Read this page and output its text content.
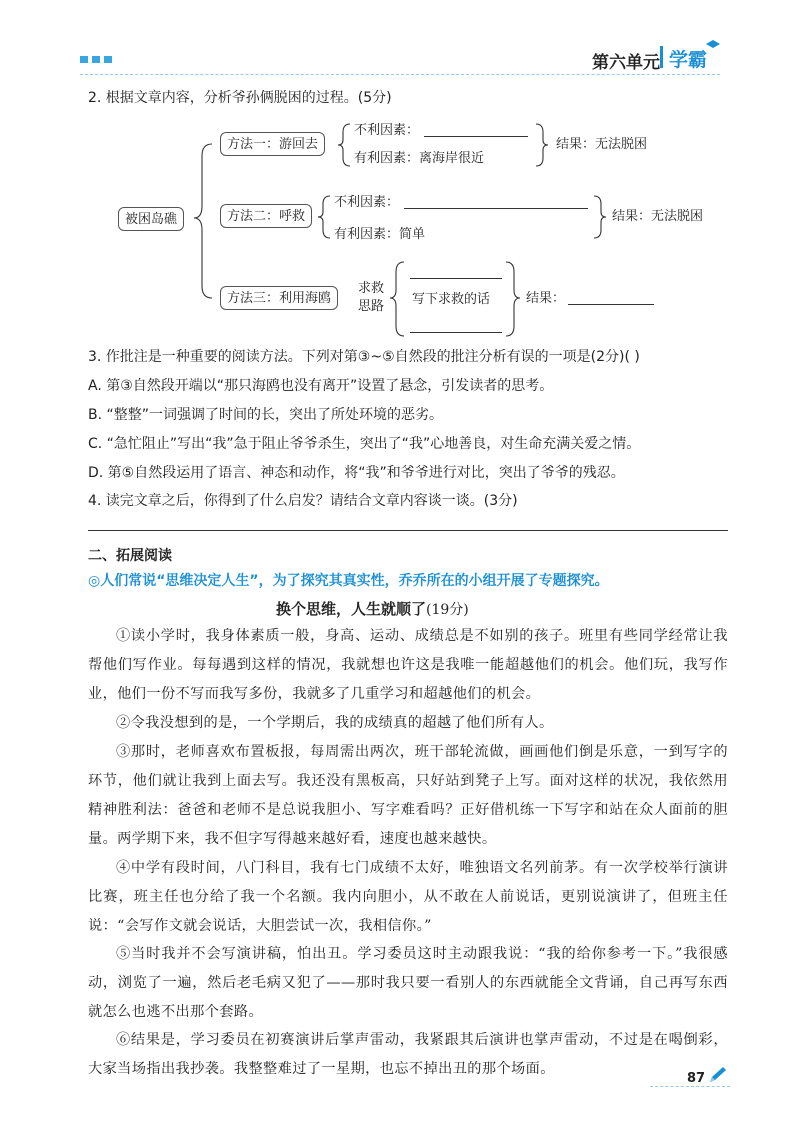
第六单元 学霸
2. 根据文章内容，分析爷孙俩脱困的过程。(5分)
被困岛礁
方法一：游回去
不利因素：
有利因素：离海岸很近
结果：无法脱困
方法二：呼救
不利因素：
有利因素：简单
结果：无法脱困
方法三：利用海鸥
求救
思路 写下求救的话	结果：
3. 作批注是一种重要的阅读方法。下列对第③~⑤自然段的批注分析有误的一项是(2分)( )
A. 第③自然段开端以“那只海鸥也没有离开”设置了悬念，引发读者的思考。
B. “整整”一词强调了时间的长，突出了所处环境的恶劣。
C. “急忙阻止”写出“我”急于阻止爷爷杀生，突出了“我”心地善良，对生命充满关爱之情。
D. 第⑤自然段运用了语言、神态和动作，将“我”和爷爷进行对比，突出了爷爷的残忍。
4. 读完文章之后，你得到了什么启发？请结合文章内容谈一谈。(3分)
二、拓展阅读
◎人们常说“思维决定人生”，为了探究其真实性，乔乔所在的小组开展了专题探究。
换个思维，人生就顺了(19分)
①读小学时，我身体素质一般，身高、运动、成绩总是不如别的孩子。班里有些同学经常让我帮他们写作业。每每遇到这样的情况，我就想也许这是我唯一能超越他们的机会。他们玩，我写作业，他们一份不写而我写多份，我就多了几重学习和超越他们的机会。
②令我没想到的是，一个学期后，我的成绩真的超越了他们所有人。
③那时，老师喜欢布置板报，每周需出两次，班干部轮流做，画画他们倒是乐意，一到写字的环节，他们就让我到上面去写。我还没有黑板高，只好站到凳子上写。面对这样的状况，我依然用精神胜利法：爸爸和老师不是总说我胆小、写字难看吗？正好借机练一下写字和站在众人面前的胆量。两学期下来，我不但字写得越来越好看，速度也越来越快。
④中学有段时间，八门科目，我有七门成绩不太好，唯独语文名列前茅。有一次学校举行演讲比赛，班主任也分给了我一个名额。我内向胆小，从不敢在人前说话，更别说演讲了，但班主任说：“会写作文就会说话，大胆尝试一次，我相信你。”
⑤当时我并不会写演讲稿，怕出丑。学习委员这时主动跟我说：“我的给你参考一下。”我很感动，浏览了一遍，然后老毛病又犯了——那时我只要一看别人的东西就能全文背诵，自己再写东西就怎么也逃不出那个套路。
⑥结果是，学习委员在初赛演讲后掌声雷动，我紧跟其后演讲也掌声雷动，不过是在喝倒彩，大家当场指出我抄袭。我整整难过了一星期，也忘不掉出丑的那个场面。
87
